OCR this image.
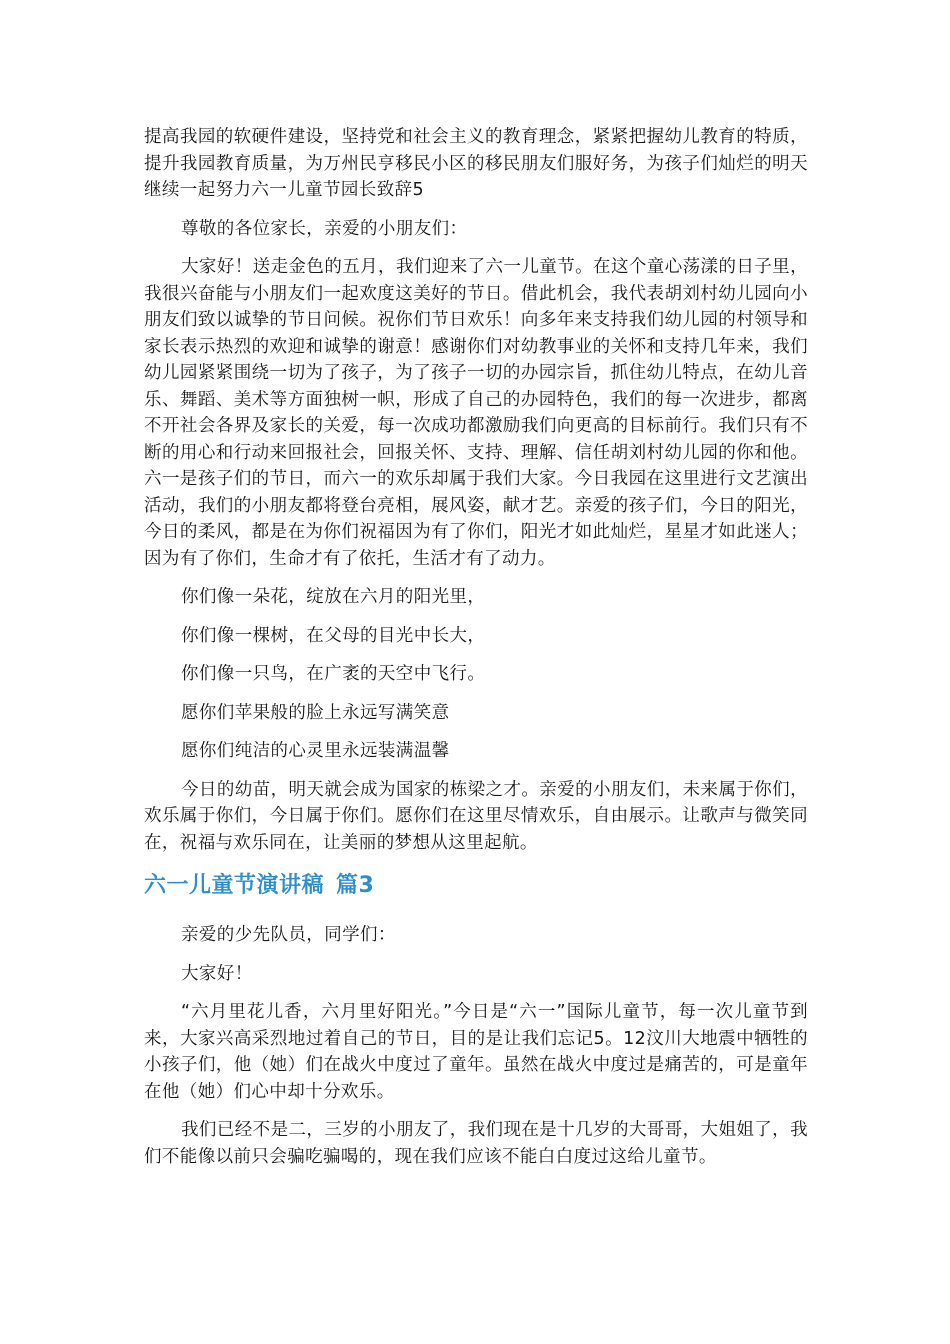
提高我园的软硬件建设，坚持党和社会主义的教育理念，紧紧把握幼儿教育的特质，提升我园教育质量，为万州民亨移民小区的移民朋友们服好务，为孩子们灿烂的明天继续一起努力六一儿童节园长致辞5

尊敬的各位家长，亲爱的小朋友们：

大家好！送走金色的五月，我们迎来了六一儿童节。在这个童心荡漾的日子里，我很兴奋能与小朋友们一起欢度这美好的节日。借此机会，我代表胡刘村幼儿园向小朋友们致以诚挚的节日问候。祝你们节日欢乐！向多年来支持我们幼儿园的村领导和家长表示热烈的欢迎和诚挚的谢意！感谢你们对幼教事业的关怀和支持几年来，我们幼儿园紧紧围绕一切为了孩子，为了孩子一切的办园宗旨，抓住幼儿特点，在幼儿音乐、舞蹈、美术等方面独树一帜，形成了自己的办园特色，我们的每一次进步，都离不开社会各界及家长的关爱，每一次成功都激励我们向更高的目标前行。我们只有不断的用心和行动来回报社会，回报关怀、支持、理解、信任胡刘村幼儿园的你和他。六一是孩子们的节日，而六一的欢乐却属于我们大家。今日我园在这里进行文艺演出活动，我们的小朋友都将登台亮相，展风姿，献才艺。亲爱的孩子们，今日的阳光，今日的柔风，都是在为你们祝福因为有了你们，阳光才如此灿烂，星星才如此迷人；因为有了你们，生命才有了依托，生活才有了动力。

你们像一朵花，绽放在六月的阳光里，

你们像一棵树，在父母的目光中长大，

你们像一只鸟，在广袤的天空中飞行。

愿你们苹果般的脸上永远写满笑意

愿你们纯洁的心灵里永远装满温馨

今日的幼苗，明天就会成为国家的栋梁之才。亲爱的小朋友们，未来属于你们，欢乐属于你们，今日属于你们。愿你们在这里尽情欢乐，自由展示。让歌声与微笑同在，祝福与欢乐同在，让美丽的梦想从这里起航。

六一儿童节演讲稿 篇3

亲爱的少先队员，同学们：

大家好！

“六月里花儿香，六月里好阳光。”今日是“六一”国际儿童节，每一次儿童节到来，大家兴高采烈地过着自己的节日，目的是让我们忘记5。12汶川大地震中牺牲的小孩子们，他（她）们在战火中度过了童年。虽然在战火中度过是痛苦的，可是童年在他（她）们心中却十分欢乐。

我们已经不是二，三岁的小朋友了，我们现在是十几岁的大哥哥，大姐姐了，我们不能像以前只会骗吃骗喝的，现在我们应该不能白白度过这给儿童节。
